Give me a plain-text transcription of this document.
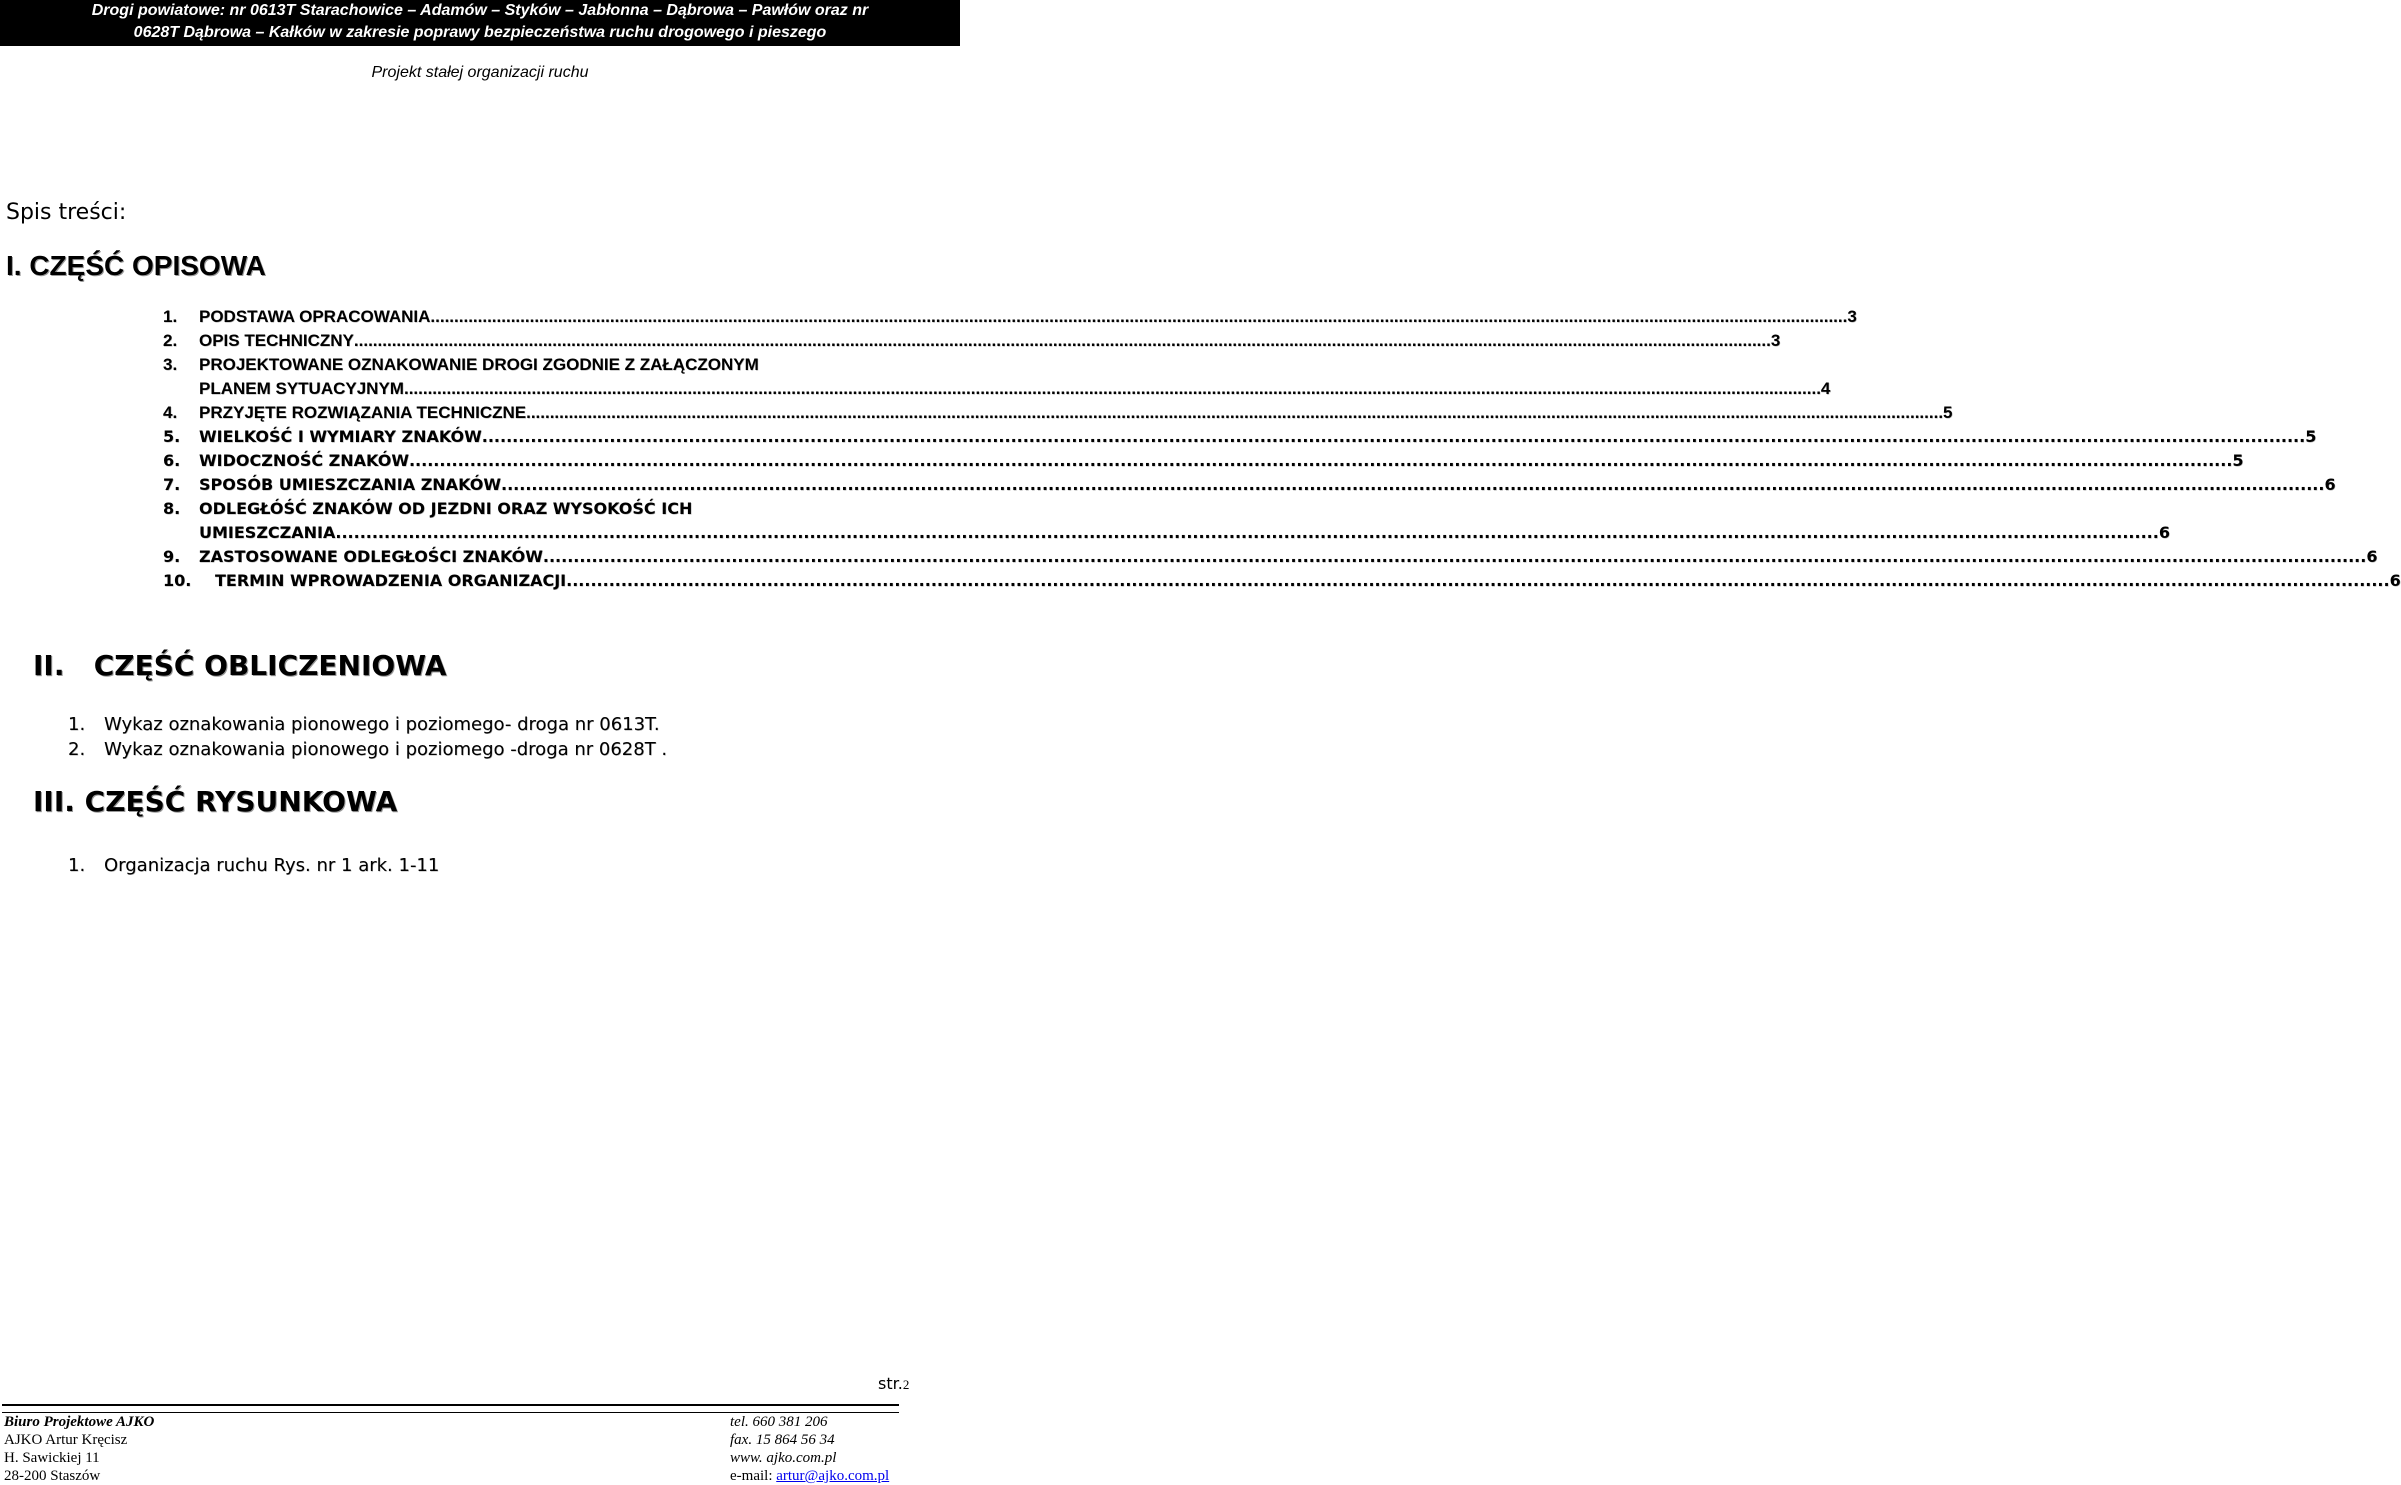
Drogi powiatowe: nr 0613T Starachowice – Adamów – Styków – Jabłonna – Dąbrowa – Pawłów oraz nr
0628T Dąbrowa – Kałków w zakresie poprawy bezpieczeństwa ruchu drogowego i pieszego
Projekt stałej organizacji ruchu
Spis treści:
I. CZĘŚĆ OPISOWA
1. PODSTAWA OPRACOWANIA ............................................................................................................................................................................................................................................................................................................ 3
2. OPIS TECHNICZNY ............................................................................................................................................................................................................................................................................................................ 3
3. PROJEKTOWANE OZNAKOWANIE DROGI ZGODNIE Z ZAŁĄCZONYM
PLANEM SYTUACYJNYM ............................................................................................................................................................................................................................................................................................................ 4
4. PRZYJĘTE ROZWIĄZANIA TECHNICZNE ............................................................................................................................................................................................................................................................................................................ 5
5. WIELKOŚĆ I WYMIARY ZNAKÓW ............................................................................................................................................................................................................................................................................................................ 5
6. WIDOCZNOŚĆ ZNAKÓW ............................................................................................................................................................................................................................................................................................................ 5
7. SPOSÓB UMIESZCZANIA ZNAKÓW ............................................................................................................................................................................................................................................................................................................ 6
8. ODLEGŁÓŚĆ ZNAKÓW OD JEZDNI ORAZ WYSOKOŚĆ ICH
UMIESZCZANIA ............................................................................................................................................................................................................................................................................................................ 6
9. ZASTOSOWANE ODLEGŁOŚCI ZNAKÓW ............................................................................................................................................................................................................................................................................................................ 6
10. TERMIN WPROWADZENIA ORGANIZACJI ............................................................................................................................................................................................................................................................................................................ 6
II.   CZĘŚĆ OBLICZENIOWA
1. Wykaz oznakowania pionowego i poziomego- droga nr 0613T.
2. Wykaz oznakowania pionowego i poziomego -droga nr 0628T .
III. CZĘŚĆ RYSUNKOWA
1. Organizacja ruchu Rys. nr 1 ark. 1-11
str.2
Biuro Projektowe AJKO
AJKO Artur Kręcisz
H. Sawickiej 11
28-200 Staszów
tel. 660 381 206
fax. 15 864 56 34
www. ajko.com.pl
e-mail: artur@ajko.com.pl
